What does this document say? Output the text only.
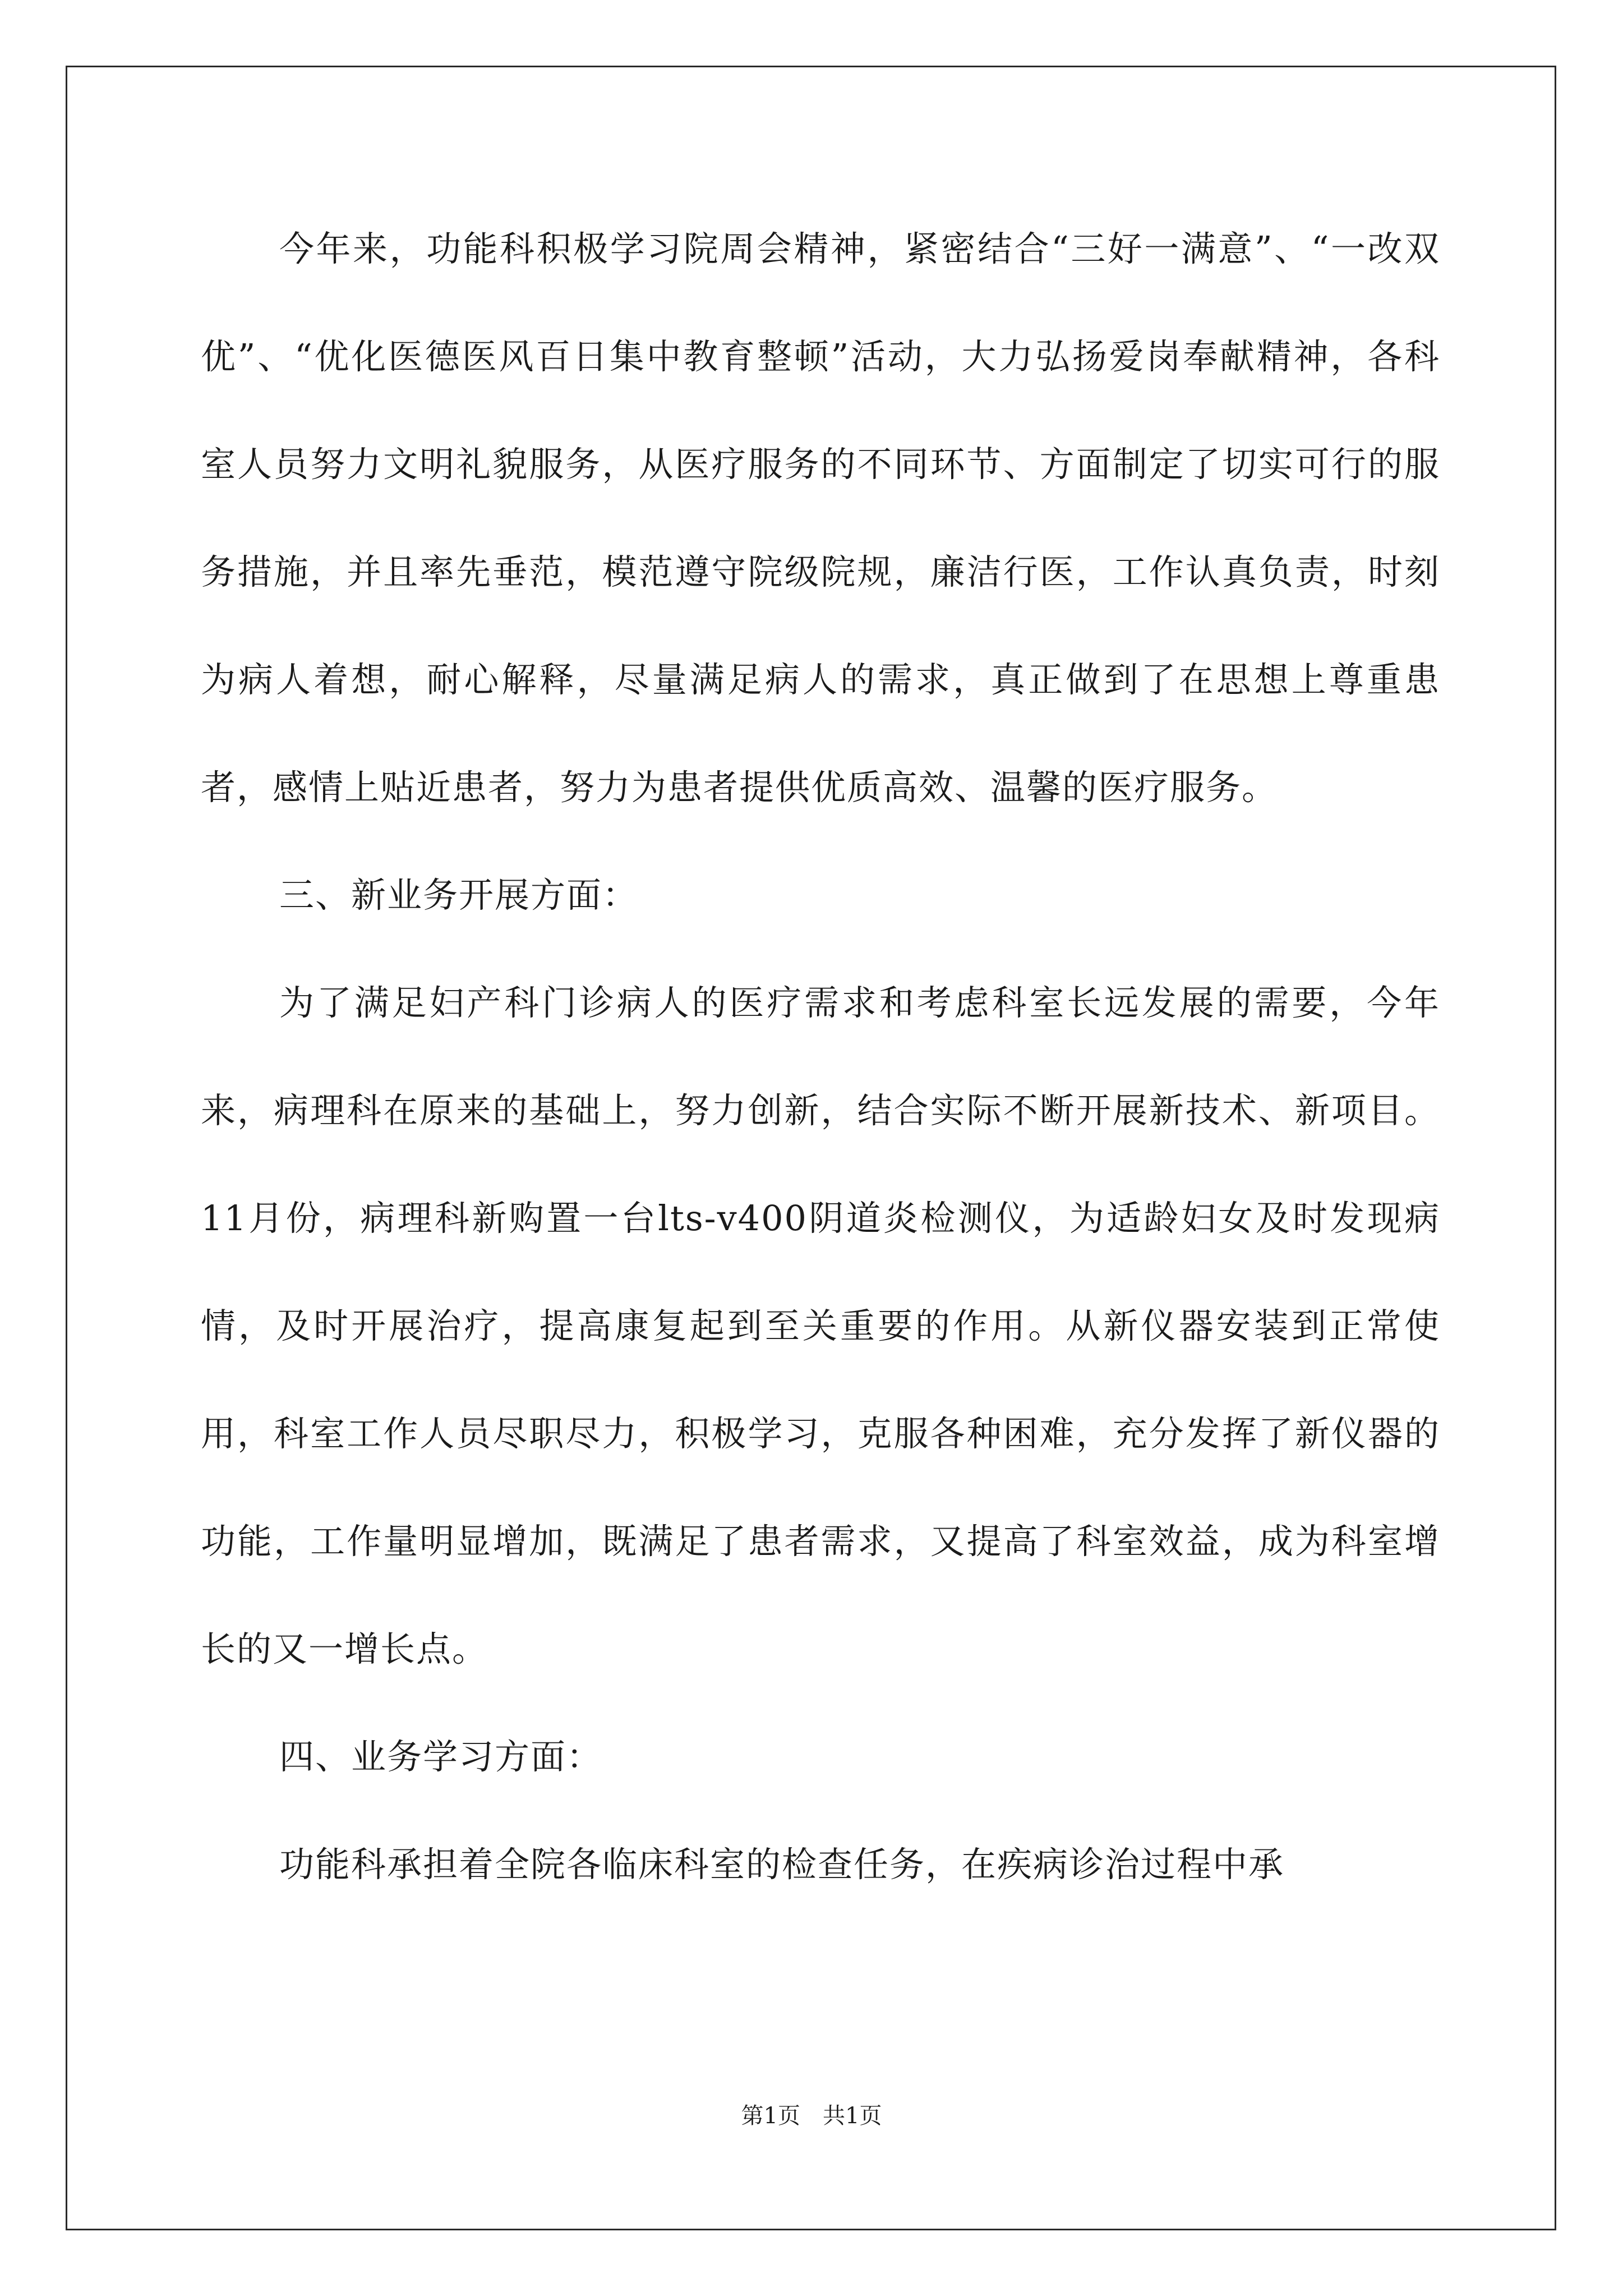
今年来，功能科积极学习院周会精神，紧密结合“三好一满意”、“一改双优”、“优化医德医风百日集中教育整顿”活动，大力弘扬爱岗奉献精神，各科室人员努力文明礼貌服务，从医疗服务的不同环节、方面制定了切实可行的服务措施，并且率先垂范，模范遵守院级院规，廉洁行医，工作认真负责，时刻为病人着想，耐心解释，尽量满足病人的需求，真正做到了在思想上尊重患者，感情上贴近患者，努力为患者提供优质高效、温馨的医疗服务。

三、新业务开展方面：

为了满足妇产科门诊病人的医疗需求和考虑科室长远发展的需要，今年来，病理科在原来的基础上，努力创新，结合实际不断开展新技术、新项目。11月份，病理科新购置一台lts-v400阴道炎检测仪，为适龄妇女及时发现病情，及时开展治疗，提高康复起到至关重要的作用。从新仪器安装到正常使用，科室工作人员尽职尽力，积极学习，克服各种困难，充分发挥了新仪器的功能，工作量明显增加，既满足了患者需求，又提高了科室效益，成为科室增长的又一增长点。

四、业务学习方面：

功能科承担着全院各临床科室的检查任务，在疾病诊治过程中承

第1页 共1页
